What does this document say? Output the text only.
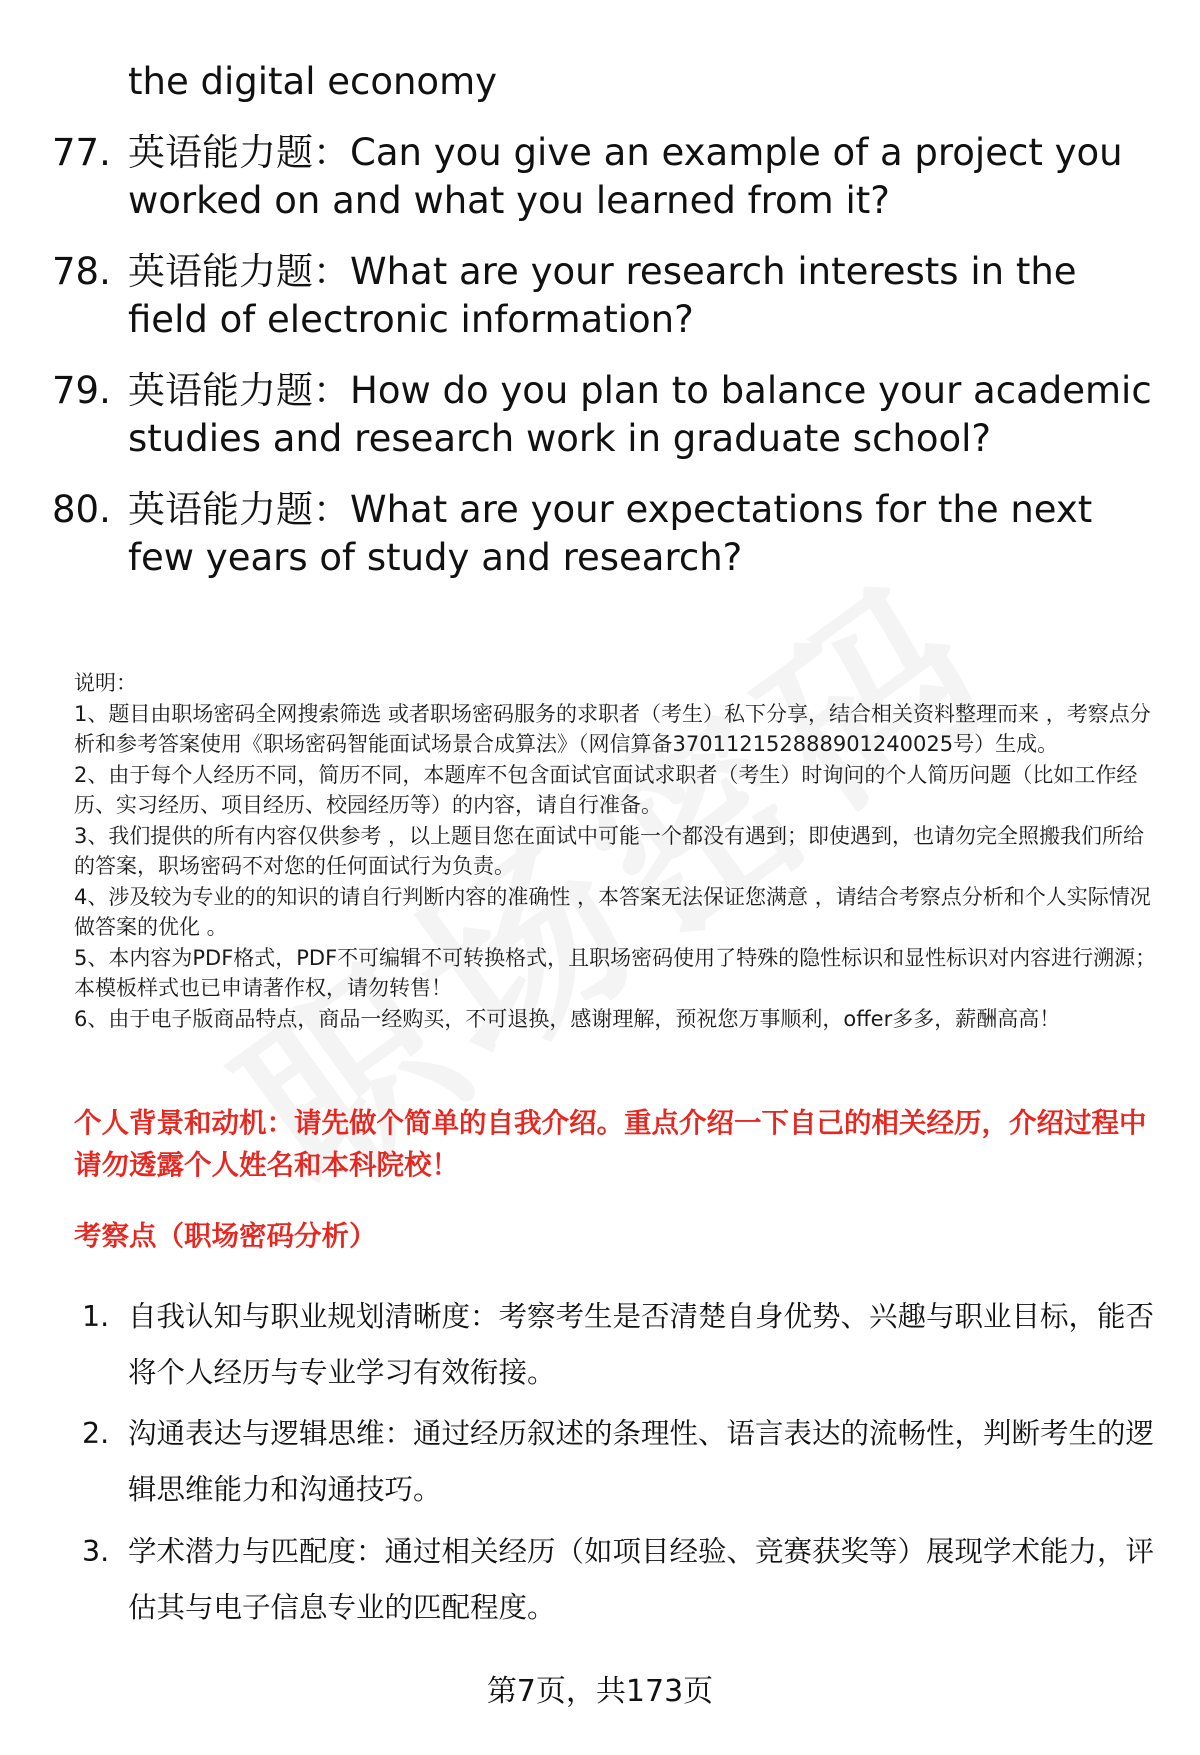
the digital economy
77. 英语能力题：Can you give an example of a project you worked on and what you learned from it?
78. 英语能力题：What are your research interests in the field of electronic information?
79. 英语能力题：How do you plan to balance your academic studies and research work in graduate school?
80. 英语能力题：What are your expectations for the next few years of study and research?

说明：

1、题目由职场密码全网搜索筛选 或者职场密码服务的求职者（考生）私下分享，结合相关资料整理而来 ，考察点分析和参考答案使用《职场密码智能面试场景合成算法》（网信算备370112152888901240025号）生成。

2、由于每个人经历不同，简历不同，本题库不包含面试官面试求职者（考生）时询问的个人简历问题（比如工作经历、实习经历、项目经历、校园经历等）的内容，请自行准备。

3、我们提供的所有内容仅供参考 ，以上题目您在面试中可能一个都没有遇到；即使遇到，也请勿完全照搬我们所给的答案，职场密码不对您的任何面试行为负责。

4、涉及较为专业的的知识的请自行判断内容的准确性 ，本答案无法保证您满意 ，请结合考察点分析和个人实际情况做答案的优化 。

5、本内容为PDF格式，PDF不可编辑不可转换格式，且职场密码使用了特殊的隐性标识和显性标识对内容进行溯源；本模板样式也已申请著作权，请勿转售！

6、由于电子版商品特点，商品一经购买，不可退换，感谢理解，预祝您万事顺利，offer多多，薪酬高高！

个人背景和动机：请先做个简单的自我介绍。重点介绍一下自己的相关经历，介绍过程中请勿透露个人姓名和本科院校！
考察点（职场密码分析）
1. 自我认知与职业规划清晰度：考察考生是否清楚自身优势、兴趣与职业目标，能否将个人经历与专业学习有效衔接。
2. 沟通表达与逻辑思维：通过经历叙述的条理性、语言表达的流畅性，判断考生的逻辑思维能力和沟通技巧。
3. 学术潜力与匹配度：通过相关经历（如项目经验、竞赛获奖等）展现学术能力，评估其与电子信息专业的匹配程度。
第7页，共173页
